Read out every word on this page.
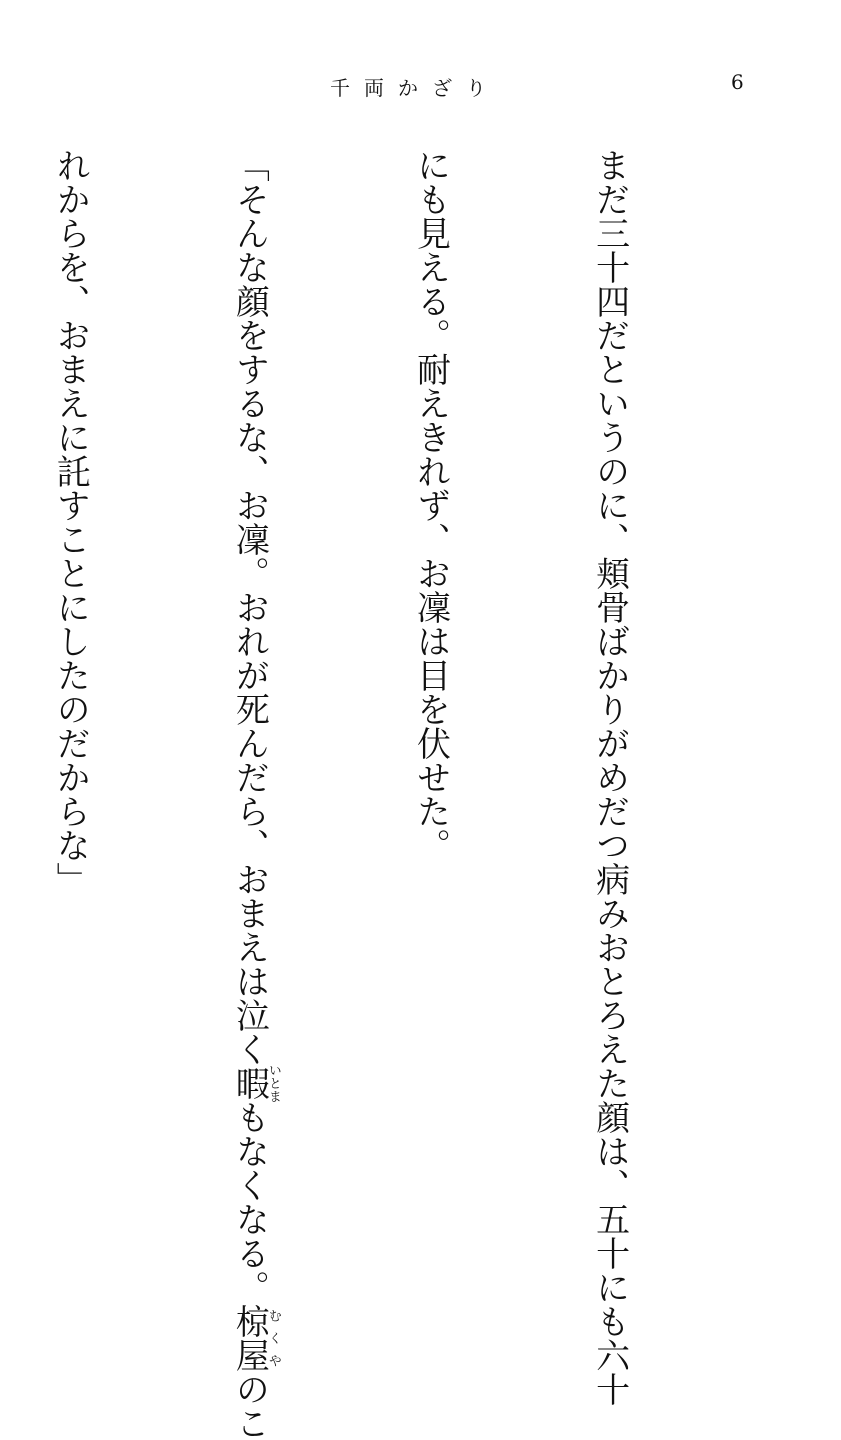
千両かざり	6

まだ三十四だというのに、頬骨ばかりがめだつ病みおとろえた顔は、五十にも六十

にも見える。耐えきれず、お凜は目を伏せた。

「そんな顔をするな、お凜。おれが死んだら、おまえは泣く暇いとまもなくなる。椋屋むくやのこ

れからを、おまえに託すことにしたのだからな」
